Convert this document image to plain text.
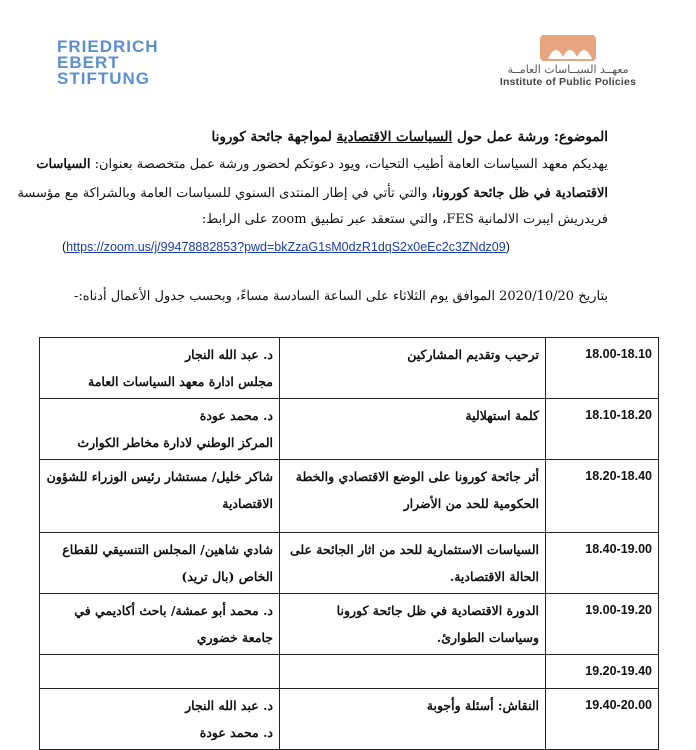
FRIEDRICH
EBERT
STIFTUNG	معهــد السيــاسات العامــة
Institute of Public Policies
الموضوع: ورشة عمل حول السياسات الاقتصادية لمواجهة جائحة كورونا
يهديكم معهد السياسات العامة أطيب التحيات، ويود دعوتكم لحضور ورشة عمل متخصصة بعنوان: السياسات
الاقتصادية في ظل جائحة كورونا، والتي تأتي في إطار المنتدى السنوي للسياسات العامة وبالشراكة مع مؤسسة
فريدريش ايبرت الالمانية FES، والتي ستعقد عبر تطبيق zoom على الرابط:
(https://zoom.us/j/99478882853?pwd=bkZzaG1sM0dzR1dqS2x0eEc2c3ZNdz09)
بتاريخ 2020/10/20 الموافق يوم الثلاثاء على الساعة السادسة مساءً، وبحسب جدول الأعمال أدناه:-
18.00-18.10	ترحيب وتقديم المشاركين	د. عبد الله النجار
مجلس ادارة معهد السياسات العامة

18.10-18.20	كلمة استهلالية	د. محمد عودة
المركز الوطني لادارة مخاطر الكوارث

18.20-18.40	أثر جائحة كورونا على الوضع الاقتصادي والخطة الحكومية للحد من الأضرار	شاكر خليل/ مستشار رئيس الوزراء للشؤون الاقتصادية

18.40-19.00	السياسات الاستثمارية للحد من اثار الجائحة على الحالة الاقتصادية.	شادي شاهين/ المجلس التنسيقي للقطاع الخاص (بال تريد)

19.00-19.20	الدورة الاقتصادية في ظل جائحة كورونا وسياسات الطوارئ.	د. محمد أبو عمشة/ باحث أكاديمي في جامعة خضوري

19.20-19.40		

19.40-20.00	النقاش: أسئلة وأجوبة	د. عبد الله النجار
د. محمد عودة
